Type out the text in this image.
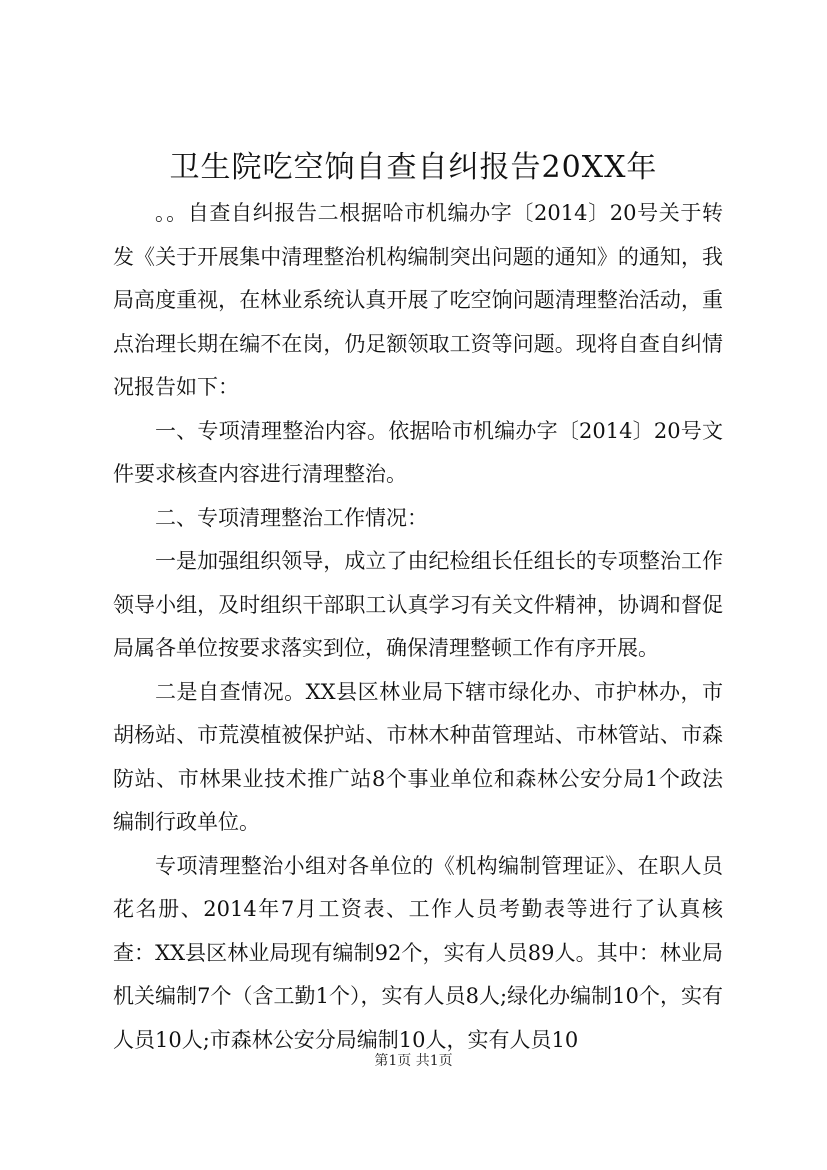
卫生院吃空饷自查自纠报告20XX年

。。自查自纠报告二根据哈市机编办字〔2014〕20号关于转发《关于开展集中清理整治机构编制突出问题的通知》的通知，我局高度重视，在林业系统认真开展了吃空饷问题清理整治活动，重点治理长期在编不在岗，仍足额领取工资等问题。现将自查自纠情况报告如下：

一、专项清理整治内容。依据哈市机编办字〔2014〕20号文件要求核查内容进行清理整治。

二、专项清理整治工作情况：

一是加强组织领导，成立了由纪检组长任组长的专项整治工作领导小组，及时组织干部职工认真学习有关文件精神，协调和督促局属各单位按要求落实到位，确保清理整顿工作有序开展。

二是自查情况。XX县区林业局下辖市绿化办、市护林办，市胡杨站、市荒漠植被保护站、市林木种苗管理站、市林管站、市森防站、市林果业技术推广站8个事业单位和森林公安分局1个政法编制行政单位。

专项清理整治小组对各单位的《机构编制管理证》、在职人员花名册、2014年7月工资表、工作人员考勤表等进行了认真核查：XX县区林业局现有编制92个，实有人员89人。其中：林业局机关编制7个（含工勤1个），实有人员8人;绿化办编制10个，实有人员10人;市森林公安分局编制10人，实有人员10

第1页 共1页
